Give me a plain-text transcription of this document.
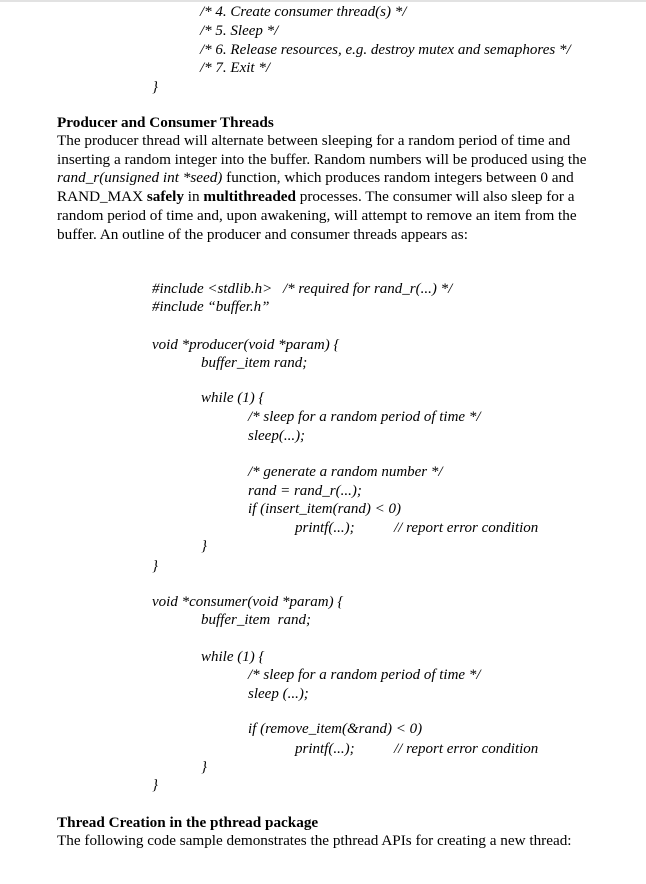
/* 4. Create consumer thread(s) */
/* 5. Sleep */
/* 6. Release resources, e.g. destroy mutex and semaphores */
/* 7. Exit */
}
Producer and Consumer Threads
The producer thread will alternate between sleeping for a random period of time and inserting a random integer into the buffer. Random numbers will be produced using the rand_r(unsigned int *seed) function, which produces random integers between 0 and RAND_MAX safely in multithreaded processes. The consumer will also sleep for a random period of time and, upon awakening, will attempt to remove an item from the buffer. An outline of the producer and consumer threads appears as:
#include <stdlib.h> /* required for rand_r(...) */
#include “buffer.h”
void *producer(void *param) {
buffer_item rand;
while (1) {
/* sleep for a random period of time */
sleep(...);
/* generate a random number */
rand = rand_r(...);
if (insert_item(rand) < 0)
printf(...);	// report error condition
}
}
void *consumer(void *param) {
buffer_item  rand;
while (1) {
/* sleep for a random period of time */
sleep (...);
if (remove_item(&rand) < 0)
printf(...);	// report error condition
}
}
Thread Creation in the pthread package
The following code sample demonstrates the pthread APIs for creating a new thread:
